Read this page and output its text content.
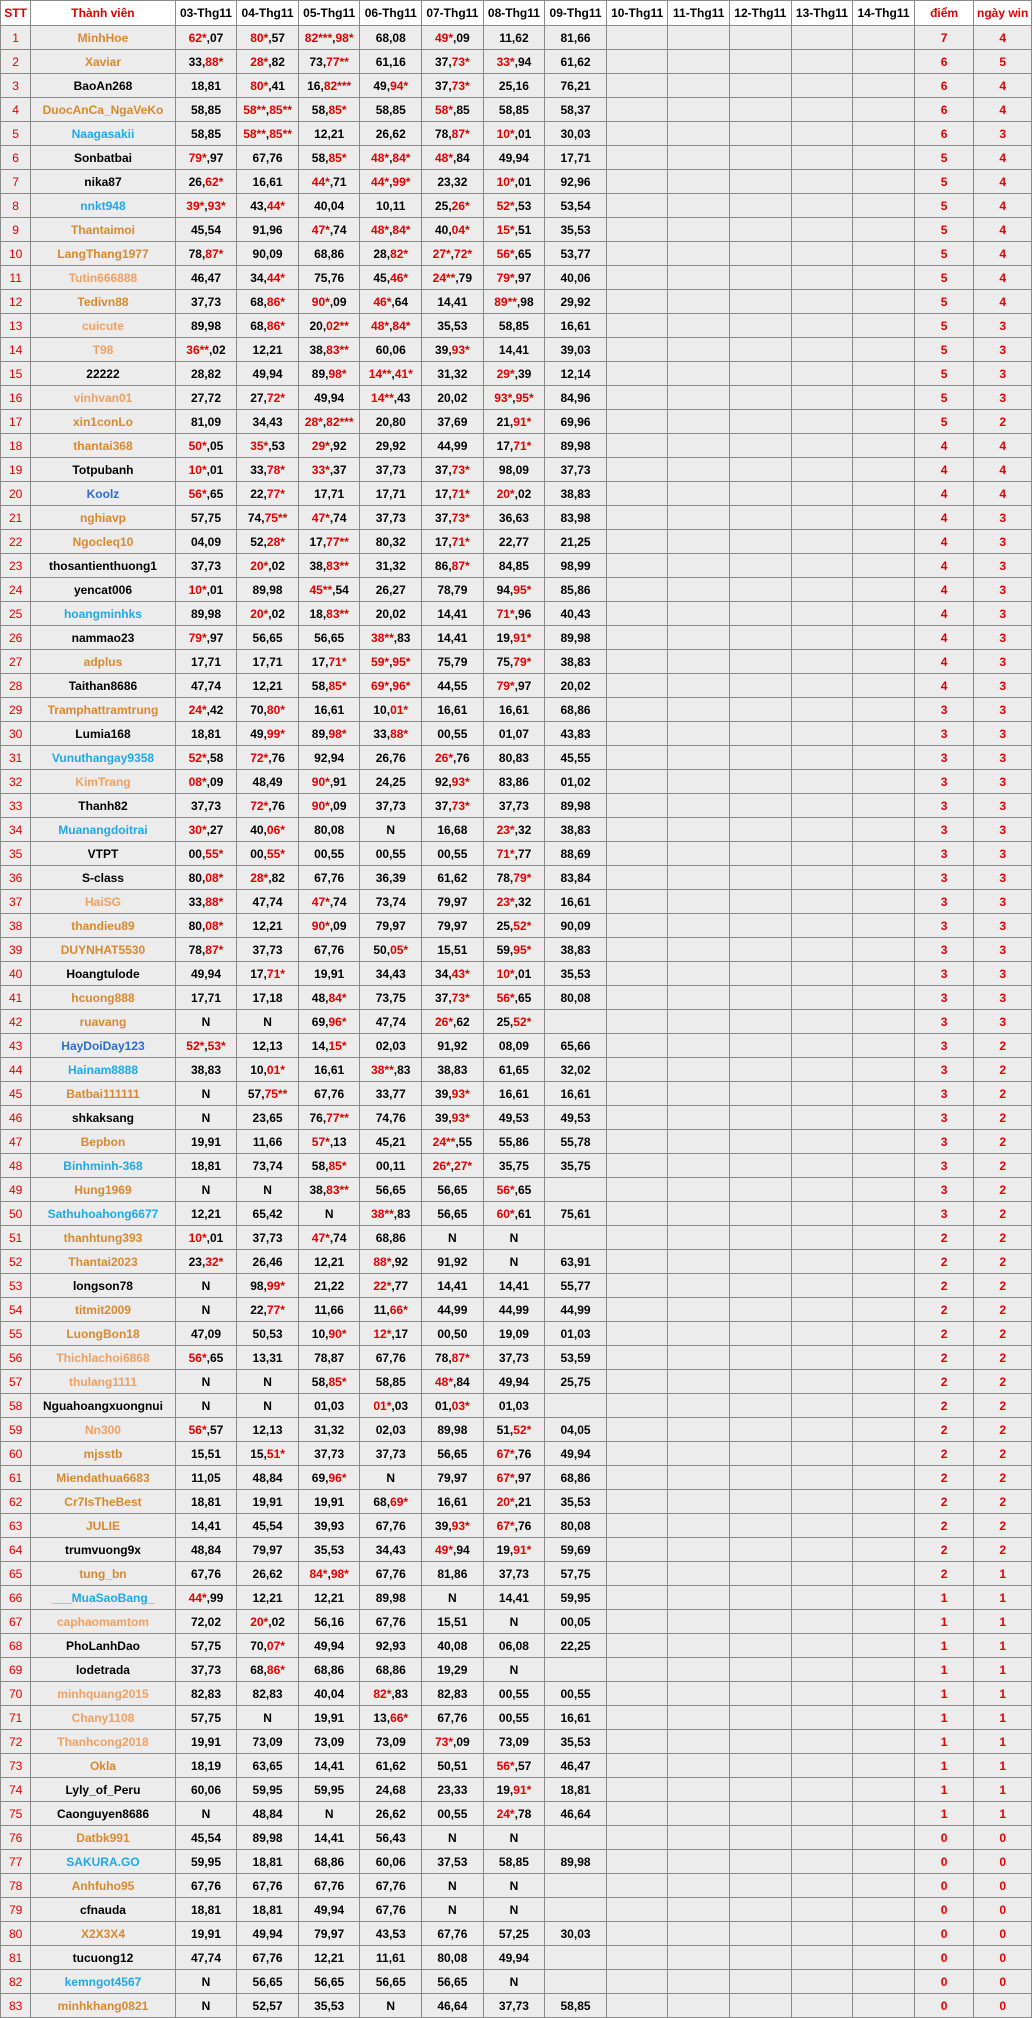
STT	Thành viên	03-Thg11	04-Thg11	05-Thg11	06-Thg11	07-Thg11	08-Thg11	09-Thg11	10-Thg11	11-Thg11	12-Thg11	13-Thg11	14-Thg11	điểm	ngày win
1	MinhHoe	62*,07	80*,57	82***,98*	68,08	49*,09	11,62	81,66						7	4
2	Xaviar	33,88*	28*,82	73,77**	61,16	37,73*	33*,94	61,62						6	5
3	BaoAn268	18,81	80*,41	16,82***	49,94*	37,73*	25,16	76,21						6	4
4	DuocAnCa_NgaVeKo	58,85	58**,85**	58,85*	58,85	58*,85	58,85	58,37						6	4
5	Naagasakii	58,85	58**,85**	12,21	26,62	78,87*	10*,01	30,03						6	3
6	Sonbatbai	79*,97	67,76	58,85*	48*,84*	48*,84	49,94	17,71						5	4
7	nika87	26,62*	16,61	44*,71	44*,99*	23,32	10*,01	92,96						5	4
8	nnkt948	39*,93*	43,44*	40,04	10,11	25,26*	52*,53	53,54						5	4
9	Thantaimoi	45,54	91,96	47*,74	48*,84*	40,04*	15*,51	35,53						5	4
10	LangThang1977	78,87*	90,09	68,86	28,82*	27*,72*	56*,65	53,77						5	4
11	Tutin666888	46,47	34,44*	75,76	45,46*	24**,79	79*,97	40,06						5	4
12	Tedivn88	37,73	68,86*	90*,09	46*,64	14,41	89**,98	29,92						5	4
13	cuicute	89,98	68,86*	20,02**	48*,84*	35,53	58,85	16,61						5	3
14	T98	36**,02	12,21	38,83**	60,06	39,93*	14,41	39,03						5	3
15	22222	28,82	49,94	89,98*	14**,41*	31,32	29*,39	12,14						5	3
16	vinhvan01	27,72	27,72*	49,94	14**,43	20,02	93*,95*	84,96						5	3
17	xin1conLo	81,09	34,43	28*,82***	20,80	37,69	21,91*	69,96						5	2
18	thantai368	50*,05	35*,53	29*,92	29,92	44,99	17,71*	89,98						4	4
19	Totpubanh	10*,01	33,78*	33*,37	37,73	37,73*	98,09	37,73						4	4
20	Koolz	56*,65	22,77*	17,71	17,71	17,71*	20*,02	38,83						4	4
21	nghiavp	57,75	74,75**	47*,74	37,73	37,73*	36,63	83,98						4	3
22	Ngocleq10	04,09	52,28*	17,77**	80,32	17,71*	22,77	21,25						4	3
23	thosantienthuong1	37,73	20*,02	38,83**	31,32	86,87*	84,85	98,99						4	3
24	yencat006	10*,01	89,98	45**,54	26,27	78,79	94,95*	85,86						4	3
25	hoangminhks	89,98	20*,02	18,83**	20,02	14,41	71*,96	40,43						4	3
26	nammao23	79*,97	56,65	56,65	38**,83	14,41	19,91*	89,98						4	3
27	adplus	17,71	17,71	17,71*	59*,95*	75,79	75,79*	38,83						4	3
28	Taithan8686	47,74	12,21	58,85*	69*,96*	44,55	79*,97	20,02						4	3
29	Tramphattramtrung	24*,42	70,80*	16,61	10,01*	16,61	16,61	68,86						3	3
30	Lumia168	18,81	49,99*	89,98*	33,88*	00,55	01,07	43,83						3	3
31	Vunuthangay9358	52*,58	72*,76	92,94	26,76	26*,76	80,83	45,55						3	3
32	KimTrang	08*,09	48,49	90*,91	24,25	92,93*	83,86	01,02						3	3
33	Thanh82	37,73	72*,76	90*,09	37,73	37,73*	37,73	89,98						3	3
34	Muanangdoitrai	30*,27	40,06*	80,08	N	16,68	23*,32	38,83						3	3
35	VTPT	00,55*	00,55*	00,55	00,55	00,55	71*,77	88,69						3	3
36	S-class	80,08*	28*,82	67,76	36,39	61,62	78,79*	83,84						3	3
37	HaiSG	33,88*	47,74	47*,74	73,74	79,97	23*,32	16,61						3	3
38	thandieu89	80,08*	12,21	90*,09	79,97	79,97	25,52*	90,09						3	3
39	DUYNHAT5530	78,87*	37,73	67,76	50,05*	15,51	59,95*	38,83						3	3
40	Hoangtulode	49,94	17,71*	19,91	34,43	34,43*	10*,01	35,53						3	3
41	hcuong888	17,71	17,18	48,84*	73,75	37,73*	56*,65	80,08						3	3
42	ruavang	N	N	69,96*	47,74	26*,62	25,52*							3	3
43	HayDoiDay123	52*,53*	12,13	14,15*	02,03	91,92	08,09	65,66						3	2
44	Hainam8888	38,83	10,01*	16,61	38**,83	38,83	61,65	32,02						3	2
45	Batbai111111	N	57,75**	67,76	33,77	39,93*	16,61	16,61						3	2
46	shkaksang	N	23,65	76,77**	74,76	39,93*	49,53	49,53						3	2
47	Bepbon	19,91	11,66	57*,13	45,21	24**,55	55,86	55,78						3	2
48	Binhminh-368	18,81	73,74	58,85*	00,11	26*,27*	35,75	35,75						3	2
49	Hung1969	N	N	38,83**	56,65	56,65	56*,65							3	2
50	Sathuhoahong6677	12,21	65,42	N	38**,83	56,65	60*,61	75,61						3	2
51	thanhtung393	10*,01	37,73	47*,74	68,86	N	N							2	2
52	Thantai2023	23,32*	26,46	12,21	88*,92	91,92	N	63,91						2	2
53	longson78	N	98,99*	21,22	22*,77	14,41	14,41	55,77						2	2
54	titmit2009	N	22,77*	11,66	11,66*	44,99	44,99	44,99						2	2
55	LuongBon18	47,09	50,53	10,90*	12*,17	00,50	19,09	01,03						2	2
56	Thichlachoi6868	56*,65	13,31	78,87	67,76	78,87*	37,73	53,59						2	2
57	thulang1111	N	N	58,85*	58,85	48*,84	49,94	25,75						2	2
58	Nguahoangxuongnui	N	N	01,03	01*,03	01,03*	01,03							2	2
59	Nn300	56*,57	12,13	31,32	02,03	89,98	51,52*	04,05						2	2
60	mjsstb	15,51	15,51*	37,73	37,73	56,65	67*,76	49,94						2	2
61	Miendathua6683	11,05	48,84	69,96*	N	79,97	67*,97	68,86						2	2
62	Cr7IsTheBest	18,81	19,91	19,91	68,69*	16,61	20*,21	35,53						2	2
63	JULIE	14,41	45,54	39,93	67,76	39,93*	67*,76	80,08						2	2
64	trumvuong9x	48,84	79,97	35,53	34,43	49*,94	19,91*	59,69						2	2
65	tung_bn	67,76	26,62	84*,98*	67,76	81,86	37,73	57,75						2	1
66	___MuaSaoBang_	44*,99	12,21	12,21	89,98	N	14,41	59,95						1	1
67	caphaomamtom	72,02	20*,02	56,16	67,76	15,51	N	00,05						1	1
68	PhoLanhDao	57,75	70,07*	49,94	92,93	40,08	06,08	22,25						1	1
69	lodetrada	37,73	68,86*	68,86	68,86	19,29	N							1	1
70	minhquang2015	82,83	82,83	40,04	82*,83	82,83	00,55	00,55						1	1
71	Chany1108	57,75	N	19,91	13,66*	67,76	00,55	16,61						1	1
72	Thanhcong2018	19,91	73,09	73,09	73,09	73*,09	73,09	35,53						1	1
73	Okla	18,19	63,65	14,41	61,62	50,51	56*,57	46,47						1	1
74	Lyly_of_Peru	60,06	59,95	59,95	24,68	23,33	19,91*	18,81						1	1
75	Caonguyen8686	N	48,84	N	26,62	00,55	24*,78	46,64						1	1
76	Datbk991	45,54	89,98	14,41	56,43	N	N							0	0
77	SAKURA.GO	59,95	18,81	68,86	60,06	37,53	58,85	89,98						0	0
78	Anhfuho95	67,76	67,76	67,76	67,76	N	N							0	0
79	cfnauda	18,81	18,81	49,94	67,76	N	N							0	0
80	X2X3X4	19,91	49,94	79,97	43,53	67,76	57,25	30,03						0	0
81	tucuong12	47,74	67,76	12,21	11,61	80,08	49,94							0	0
82	kemngot4567	N	56,65	56,65	56,65	56,65	N							0	0
83	minhkhang0821	N	52,57	35,53	N	46,64	37,73	58,85						0	0
